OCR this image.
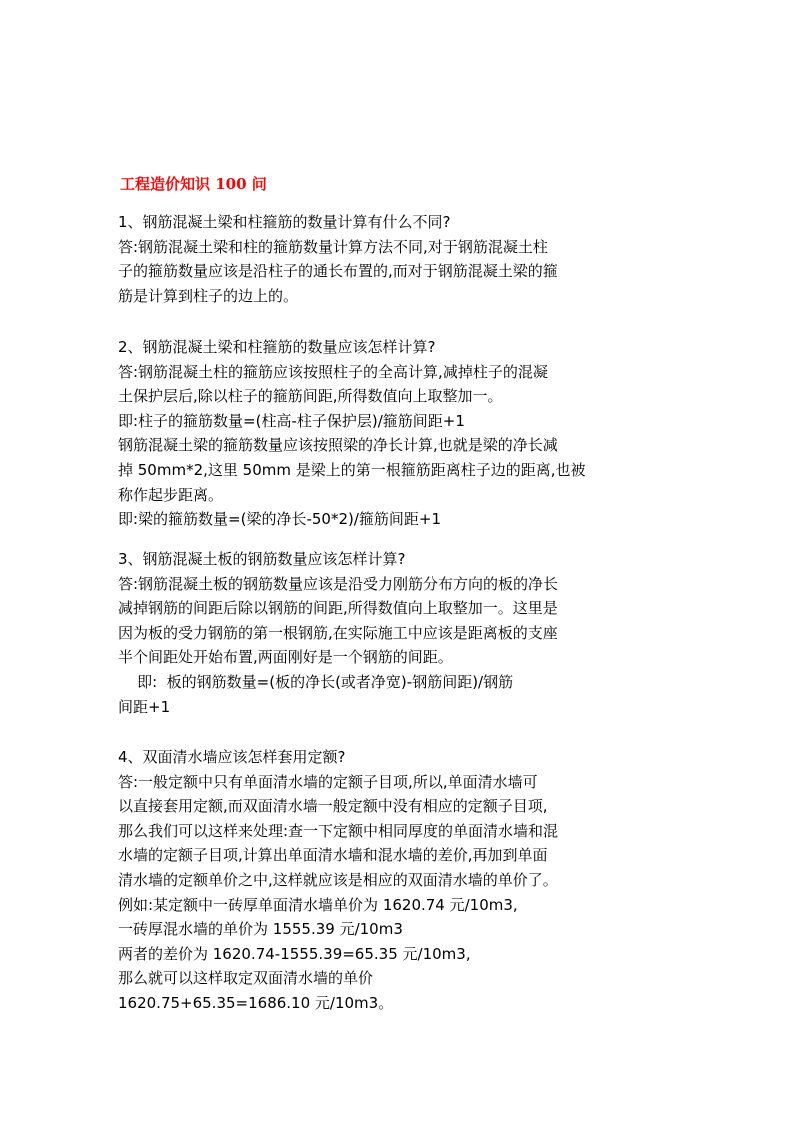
工程造价知识 100 问
1、钢筋混凝土梁和柱箍筋的数量计算有什么不同?
答:钢筋混凝土梁和柱的箍筋数量计算方法不同,对于钢筋混凝土柱
子的箍筋数量应该是沿柱子的通长布置的,而对于钢筋混凝土梁的箍
筋是计算到柱子的边上的。
2、钢筋混凝土梁和柱箍筋的数量应该怎样计算?
答:钢筋混凝土柱的箍筋应该按照柱子的全高计算,减掉柱子的混凝
土保护层后,除以柱子的箍筋间距,所得数值向上取整加一。
即:柱子的箍筋数量=(柱高-柱子保护层)/箍筋间距+1
钢筋混凝土梁的箍筋数量应该按照梁的净长计算,也就是梁的净长减
掉 50mm*2,这里 50mm 是梁上的第一根箍筋距离柱子边的距离,也被
称作起步距离。
即:梁的箍筋数量=(梁的净长-50*2)/箍筋间距+1
3、钢筋混凝土板的钢筋数量应该怎样计算?
答:钢筋混凝土板的钢筋数量应该是沿受力刚筋分布方向的板的净长
减掉钢筋的间距后除以钢筋的间距,所得数值向上取整加一。这里是
因为板的受力钢筋的第一根钢筋,在实际施工中应该是距离板的支座
半个间距处开始布置,两面刚好是一个钢筋的间距。
即:  板的钢筋数量=(板的净长(或者净宽)-钢筋间距)/钢筋
间距+1
4、双面清水墙应该怎样套用定额?
答:一般定额中只有单面清水墙的定额子目项,所以,单面清水墙可
以直接套用定额,而双面清水墙一般定额中没有相应的定额子目项,
那么我们可以这样来处理:查一下定额中相同厚度的单面清水墙和混
水墙的定额子目项,计算出单面清水墙和混水墙的差价,再加到单面
清水墙的定额单价之中,这样就应该是相应的双面清水墙的单价了。
例如:某定额中一砖厚单面清水墙单价为 1620.74 元/10m3,
一砖厚混水墙的单价为 1555.39 元/10m3
两者的差价为 1620.74-1555.39=65.35 元/10m3,
那么就可以这样取定双面清水墙的单价
1620.75+65.35=1686.10 元/10m3。
